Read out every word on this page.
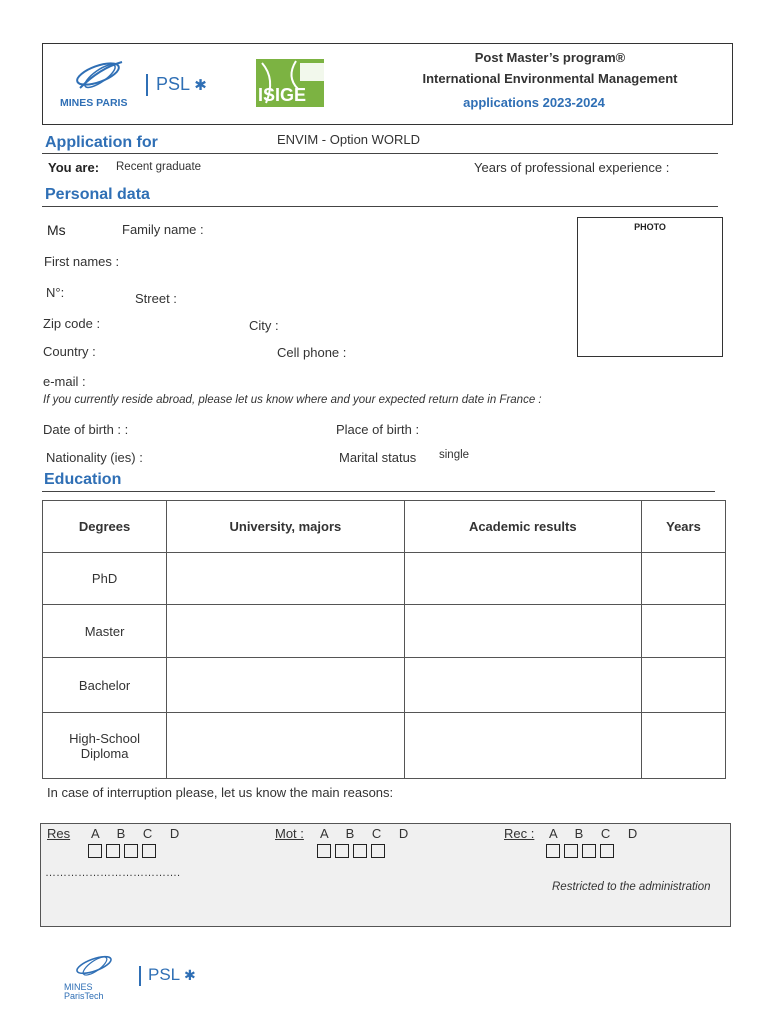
MINES PARIS
PSL ✱	ISIGE
Post Master’s program®
International Environmental Management
applications 2023-2024
Application for	ENVIM - Option WORLD
You are: Recent graduate	Years of professional experience :
Personal data
Ms	Family name :	PHOTO
First names :
N°:	Street :
Zip code :	City :
Country :	Cell phone :
e-mail :
If you currently reside abroad, please let us know where and your expected return date in France :
Date of birth : :	Place of birth :
Nationality (ies) :	Marital status single
Education
Degrees	University, majors	Academic results	Years
PhD			
Master			
Bachelor			
High-School Diploma			
In case of interruption please, let us know the main reasons:
Res A B C D	Mot : A B C D	Rec : A B C D
……………………………….
Restricted to the administration
MINES ParisTech
PSL ✱
